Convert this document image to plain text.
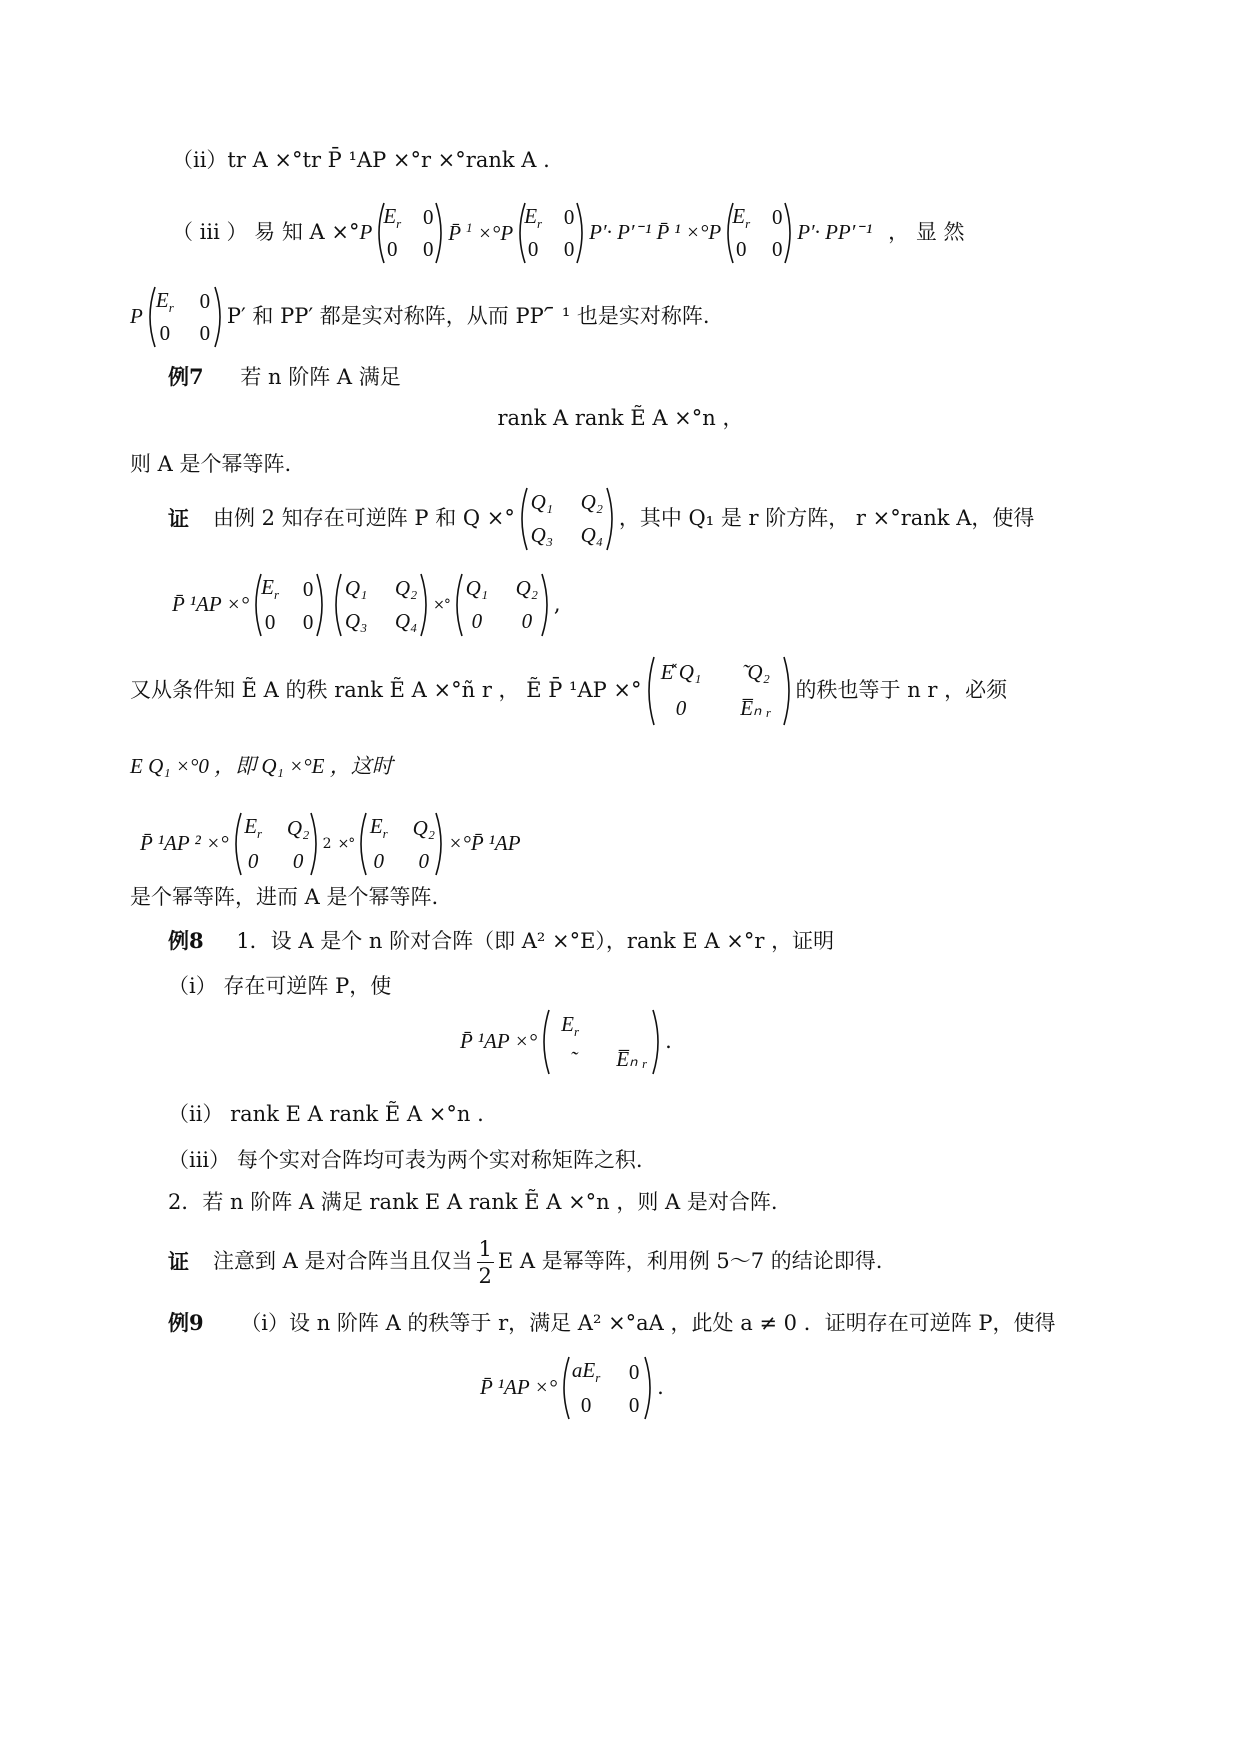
（ii）tr A ×°tr P̄ ¹AP ×°r ×°rank A .
（ iii ） 易 知 A ×° P
$E_r$	0
0	0
P̄ $^1$ ×°P
$E_r$	0
0	0
P′· P′ ̄ ¹ P̄ ¹ ×°P
$E_r$	0
0	0
P′· PP′ ̄ ¹ ， 显 然
P
$E_r$	0
0	0
P′ 和 PP′ 都是实对称阵，从而 PP′ ̄ ¹ 也是实对称阵.
例7 若 n 阶阵 A 满足
rank A rank Ẽ A ×°n ，
则 A 是个幂等阵.
证 由例 2 知存在可逆阵 P 和 Q ×°
Q₁	Q₂
Q₃	Q₄
，其中 Q₁ 是 r 阶方阵， r ×°rank A，使得
P̄ ¹AP ×°
$E_r$	0
0	0
Q₁	Q₂
Q₃	Q₄
×°
Q₁	Q₂
0	0
,
又从条件知 Ẽ A 的秩 rank Ẽ A ×°ñ r ， Ẽ P̄ ¹AP ×°
E̽ Q₁	̃ Q₂
0	E̅ₙ ᵣ
的秩也等于 n r ，必须
E Q₁ ×°0 ，即 Q₁ ×°E ，这时
P̄ ¹AP ² ×°
$E_r$	Q₂
0	0
2 ×°
$E_r$	Q₂
0	0
×°P̄ ¹AP
是个幂等阵，进而 A 是个幂等阵.
例8 1．设 A 是个 n 阶对合阵（即 A² ×°E），rank E A ×°r ，证明
（i） 存在可逆阵 P，使
P̄ ¹AP ×°
$E_r$
E̅ₙ ᵣ
.
（ii） rank E A rank Ẽ A ×°n .
（iii） 每个实对合阵均可表为两个实对称矩阵之积.
2．若 n 阶阵 A 满足 rank E A rank Ẽ A ×°n ，则 A 是对合阵.
证 注意到 A 是对合阵当且仅当 $\frac{1}{2}$ E A 是幂等阵，利用例 5～7 的结论即得.
例9 （i）设 n 阶阵 A 的秩等于 r，满足 A² ×°aA ，此处 a ≠ 0 ．证明存在可逆阵 P，使得
P̄ ¹AP ×°
$aE_r$	0
0	0
.
